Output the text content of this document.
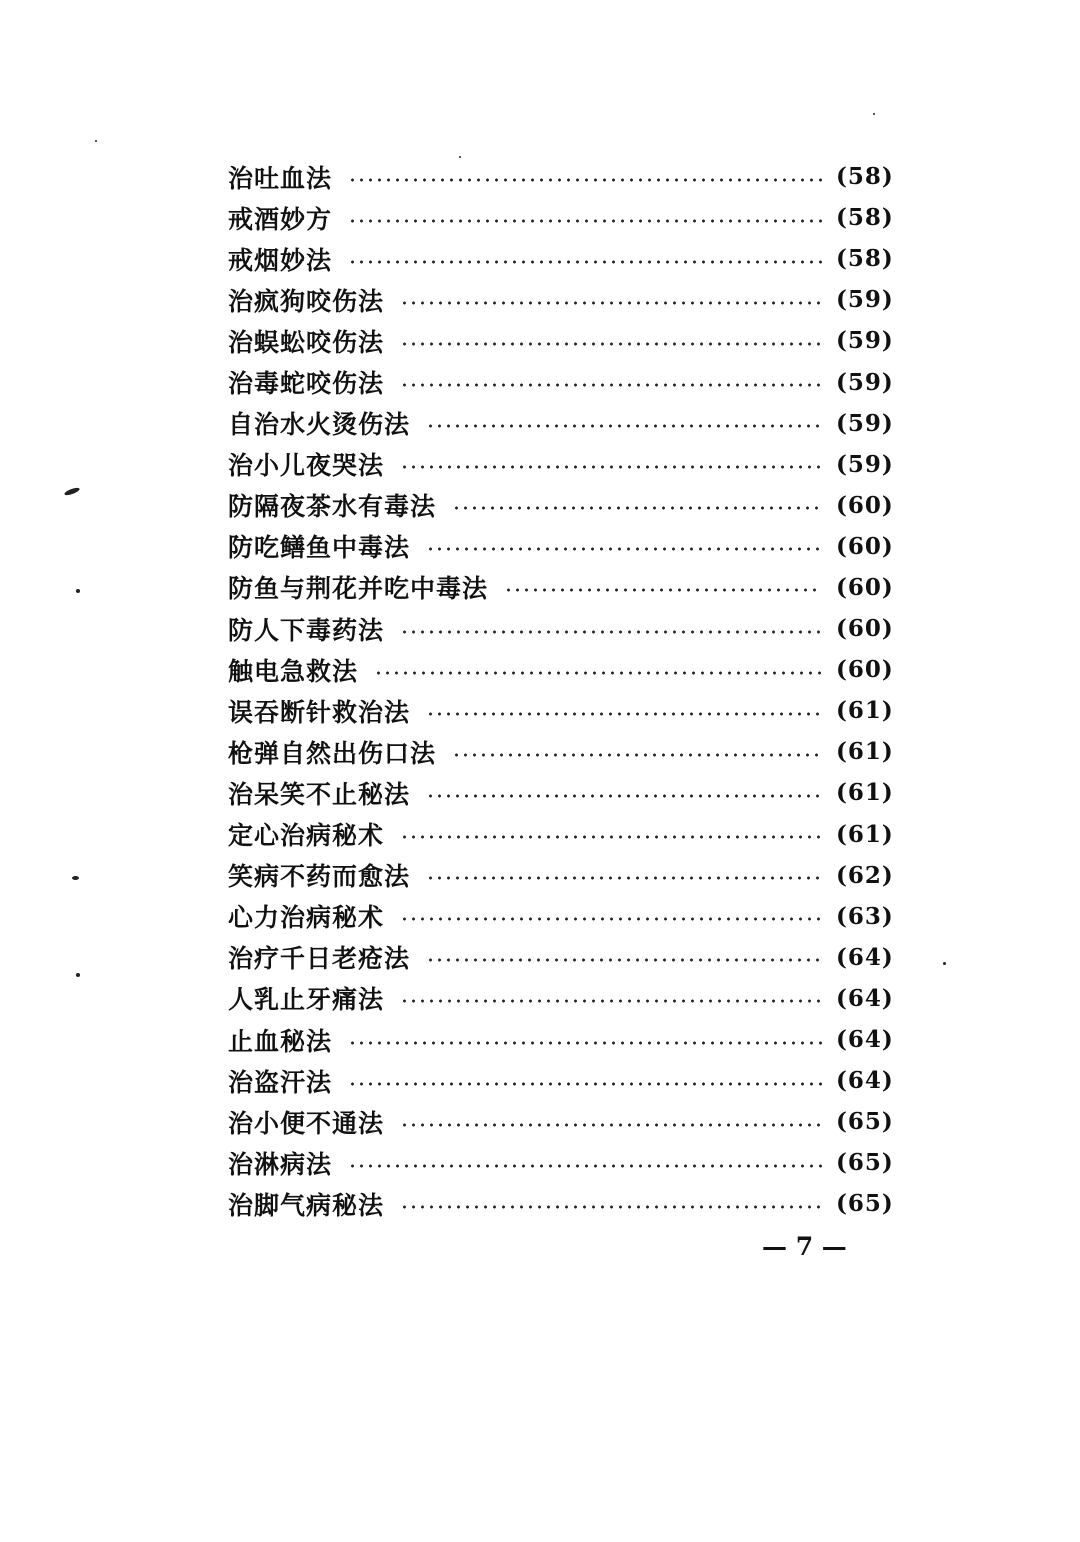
治吐血法	(58)
戒酒妙方	(58)
戒烟妙法	(58)
治疯狗咬伤法	(59)
治蜈蚣咬伤法	(59)
治毒蛇咬伤法	(59)
自治水火烫伤法	(59)
治小儿夜哭法	(59)
防隔夜茶水有毒法	(60)
防吃鳝鱼中毒法	(60)
防鱼与荆花并吃中毒法	(60)
防人下毒药法	(60)
触电急救法	(60)
误吞断针救治法	(61)
枪弹自然出伤口法	(61)
治呆笑不止秘法	(61)
定心治病秘术	(61)
笑病不药而愈法	(62)
心力治病秘术	(63)
治疗千日老疮法	(64)
人乳止牙痛法	(64)
止血秘法	(64)
治盗汗法	(64)
治小便不通法	(65)
治淋病法	(65)
治脚气病秘法	(65)
— 7 —
